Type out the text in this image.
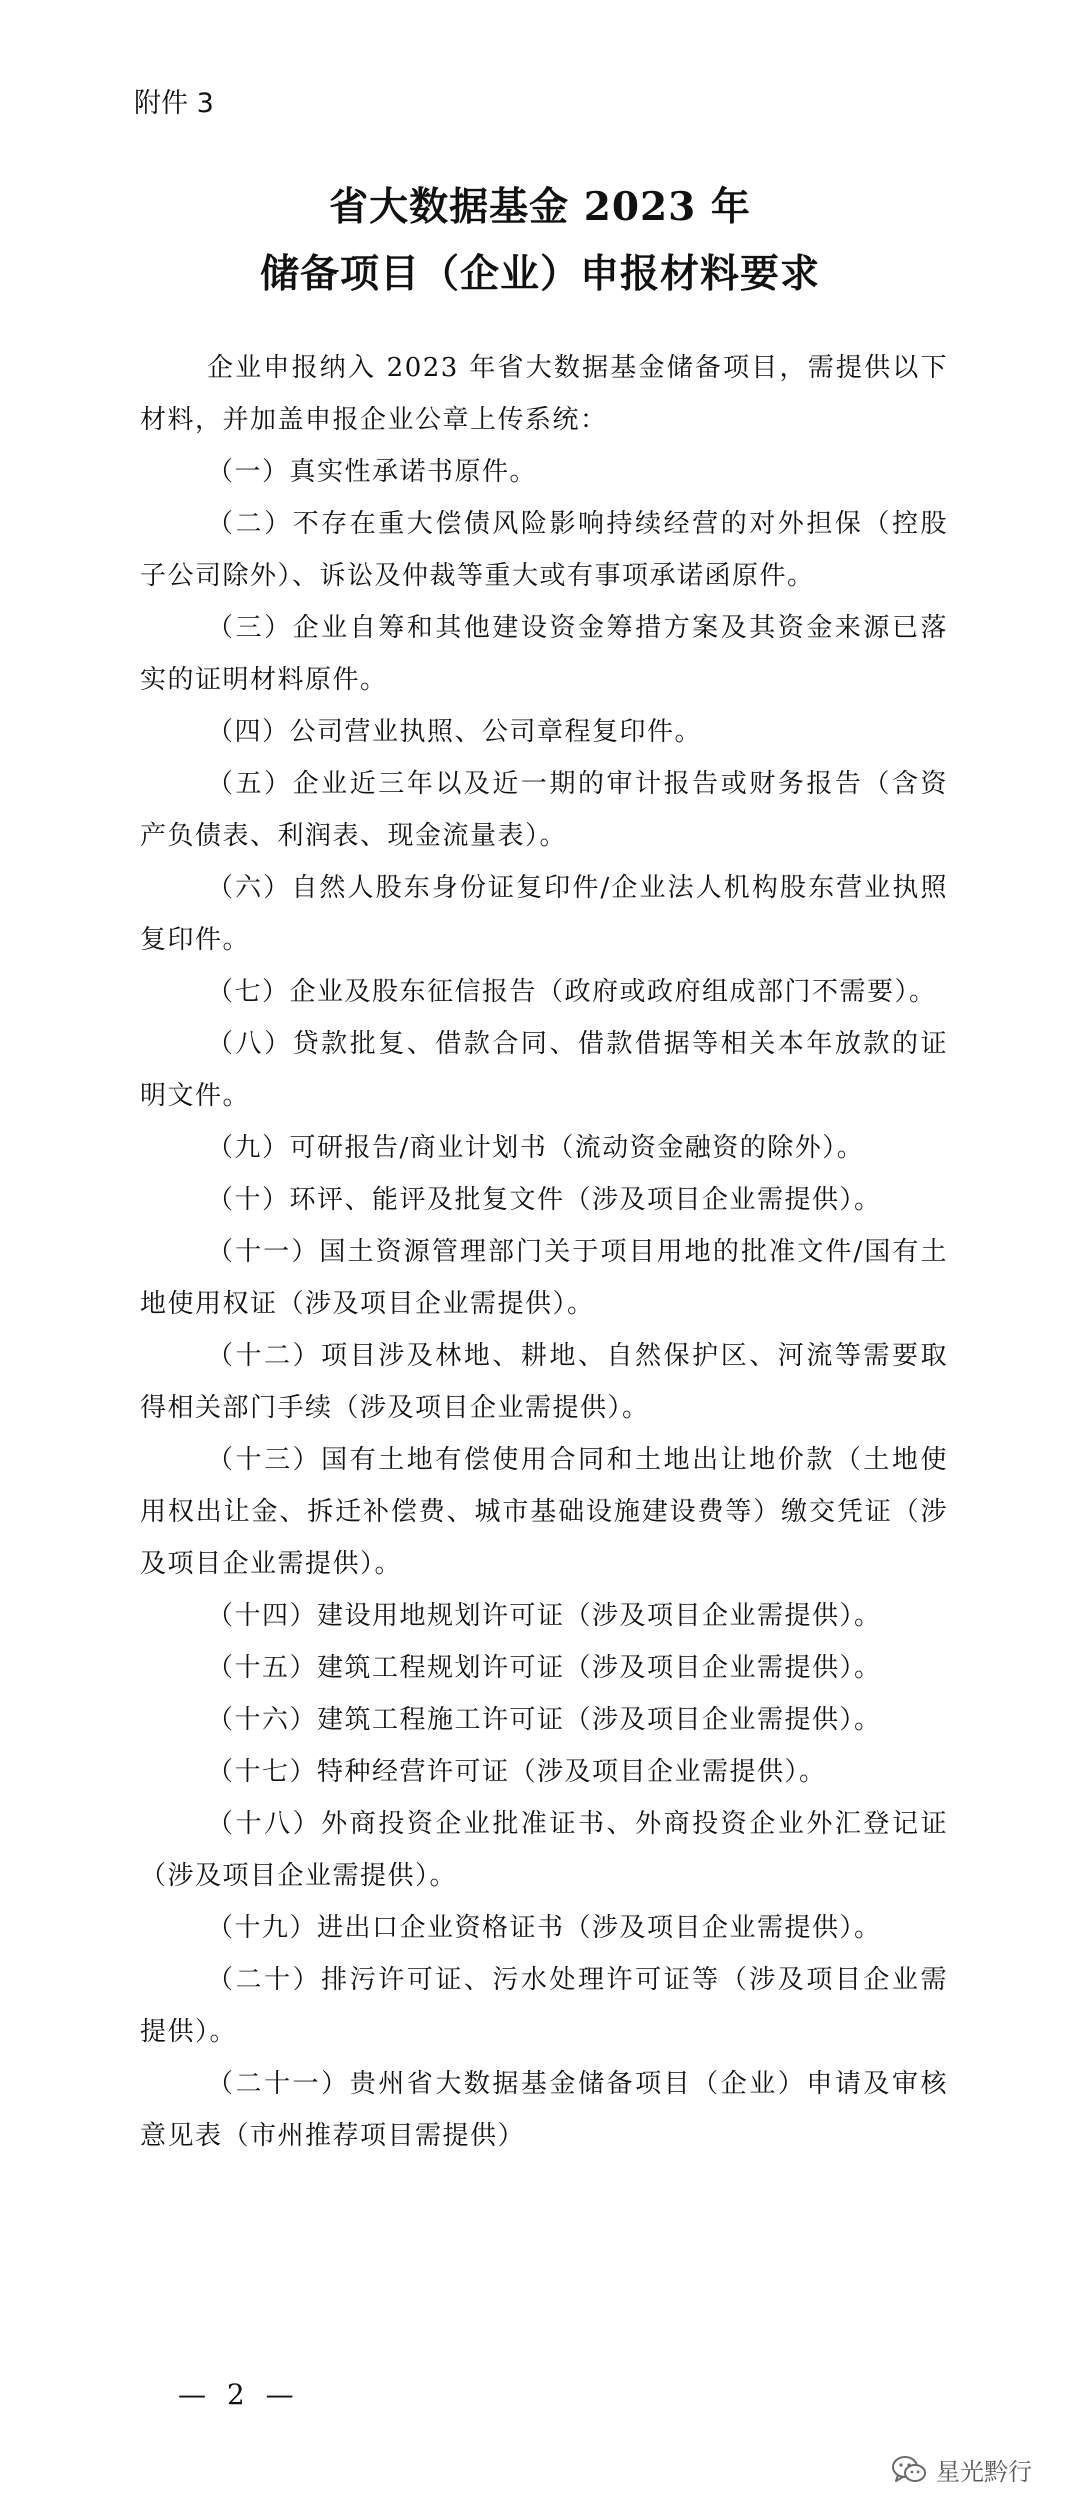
附件 3

省大数据基金 2023 年
储备项目（企业）申报材料要求

企业申报纳入 2023 年省大数据基金储备项目，需提供以下材料，并加盖申报企业公章上传系统：

（一）真实性承诺书原件。

（二）不存在重大偿债风险影响持续经营的对外担保（控股子公司除外）、诉讼及仲裁等重大或有事项承诺函原件。

（三）企业自筹和其他建设资金筹措方案及其资金来源已落实的证明材料原件。

（四）公司营业执照、公司章程复印件。

（五）企业近三年以及近一期的审计报告或财务报告（含资产负债表、利润表、现金流量表）。

（六）自然人股东身份证复印件/企业法人机构股东营业执照复印件。

（七）企业及股东征信报告（政府或政府组成部门不需要）。

（八）贷款批复、借款合同、借款借据等相关本年放款的证明文件。

（九）可研报告/商业计划书（流动资金融资的除外）。

（十）环评、能评及批复文件（涉及项目企业需提供）。

（十一）国土资源管理部门关于项目用地的批准文件/国有土地使用权证（涉及项目企业需提供）。

（十二）项目涉及林地、耕地、自然保护区、河流等需要取得相关部门手续（涉及项目企业需提供）。

（十三）国有土地有偿使用合同和土地出让地价款（土地使用权出让金、拆迁补偿费、城市基础设施建设费等）缴交凭证（涉及项目企业需提供）。

（十四）建设用地规划许可证（涉及项目企业需提供）。

（十五）建筑工程规划许可证（涉及项目企业需提供）。

（十六）建筑工程施工许可证（涉及项目企业需提供）。

（十七）特种经营许可证（涉及项目企业需提供）。

（十八）外商投资企业批准证书、外商投资企业外汇登记证（涉及项目企业需提供）。

（十九）进出口企业资格证书（涉及项目企业需提供）。

（二十）排污许可证、污水处理许可证等（涉及项目企业需提供）。

（二十一）贵州省大数据基金储备项目（企业）申请及审核意见表（市州推荐项目需提供）

— 2 —

星光黔行
